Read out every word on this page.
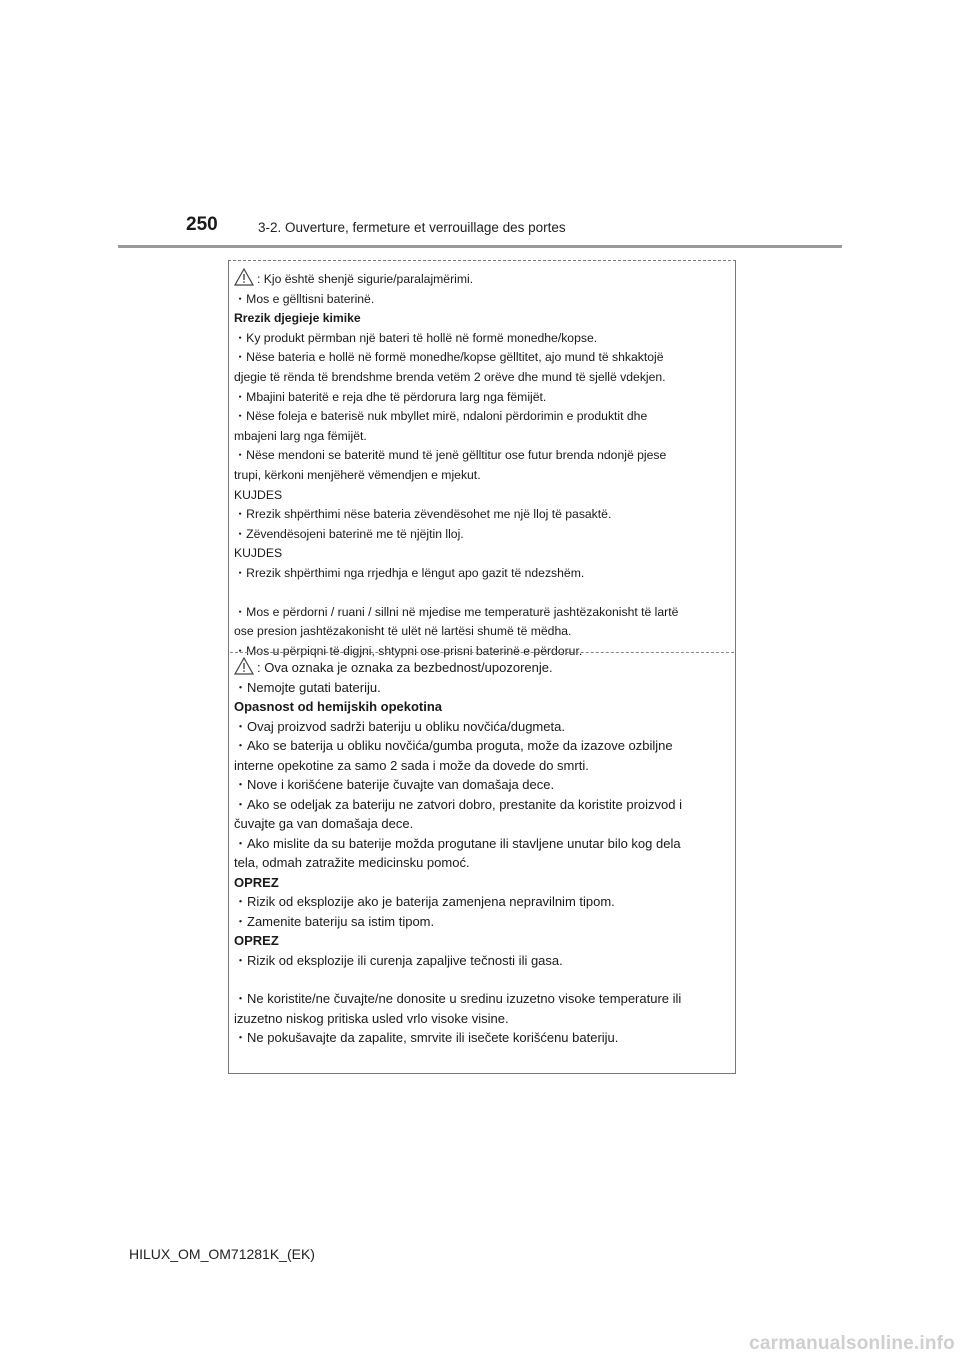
250	3-2. Ouverture, fermeture et verrouillage des portes
: Kjo është shenjë sigurie/paralajmërimi.
・Mos e gëlltisni baterinë.
Rrezik djegieje kimike
・Ky produkt përmban një bateri të hollë në formë monedhe/kopse.
・Nëse bateria e hollë në formë monedhe/kopse gëlltitet, ajo mund të shkaktojë
djegie të rënda të brendshme brenda vetëm 2 orëve dhe mund të sjellë vdekjen.
・Mbajini bateritë e reja dhe të përdorura larg nga fëmijët.
・Nëse foleja e baterisë nuk mbyllet mirë, ndaloni përdorimin e produktit dhe
mbajeni larg nga fëmijët.
・Nëse mendoni se bateritë mund të jenë gëlltitur ose futur brenda ndonjë pjese
trupi, kërkoni menjëherë vëmendjen e mjekut.
KUJDES
・Rrezik shpërthimi nëse bateria zëvendësohet me një lloj të pasaktë.
・Zëvendësojeni baterinë me të njëjtin lloj.
KUJDES
・Rrezik shpërthimi nga rrjedhja e lëngut apo gazit të ndezshëm.
・Mos e përdorni / ruani / sillni në mjedise me temperaturë jashtëzakonisht të lartë
ose presion jashtëzakonisht të ulët në lartësi shumë të mëdha.
・Mos u përpiqni të digjni, shtypni ose prisni baterinë e përdorur.
: Ova oznaka je oznaka za bezbednost/upozorenje.
・Nemojte gutati bateriju.
Opasnost od hemijskih opekotina
・Ovaj proizvod sadrži bateriju u obliku novčića/dugmeta.
・Ako se baterija u obliku novčića/gumba proguta, može da izazove ozbiljne
interne opekotine za samo 2 sada i može da dovede do smrti.
・Nove i korišćene baterije čuvajte van domašaja dece.
・Ako se odeljak za bateriju ne zatvori dobro, prestanite da koristite proizvod i
čuvajte ga van domašaja dece.
・Ako mislite da su baterije možda progutane ili stavljene unutar bilo kog dela
tela, odmah zatražite medicinsku pomoć.
OPREZ
・Rizik od eksplozije ako je baterija zamenjena nepravilnim tipom.
・Zamenite bateriju sa istim tipom.
OPREZ
・Rizik od eksplozije ili curenja zapaljive tečnosti ili gasa.
・Ne koristite/ne čuvajte/ne donosite u sredinu izuzetno visoke temperature ili
izuzetno niskog pritiska usled vrlo visoke visine.
・Ne pokušavajte da zapalite, smrvite ili isečete korišćenu bateriju.
HILUX_OM_OM71281K_(EK)
carmanualsonline.info
